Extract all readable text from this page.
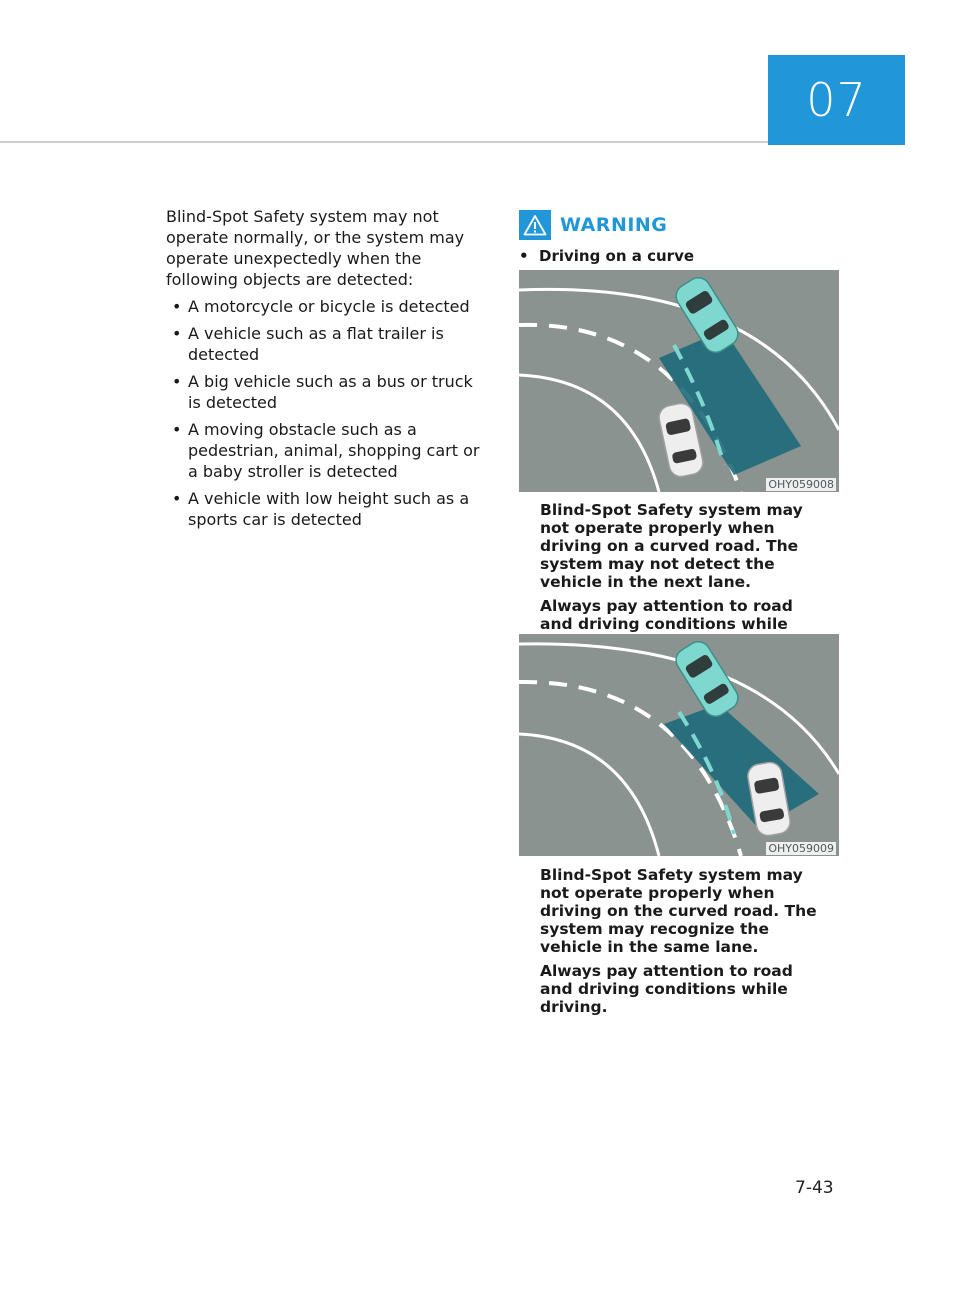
07

Blind-Spot Safety system may not operate normally, or the system may operate unexpectedly when the following objects are detected:

• A motorcycle or bicycle is detected
• A vehicle such as a flat trailer is detected
• A big vehicle such as a bus or truck is detected
• A moving obstacle such as a pedestrian, animal, shopping cart or a baby stroller is detected
• A vehicle with low height such as a sports car is detected
WARNING
• Driving on a curve
OHY059008

Blind-Spot Safety system may not operate properly when driving on a curved road. The system may not detect the vehicle in the next lane.

Always pay attention to road and driving conditions while

OHY059009

Blind-Spot Safety system may not operate properly when driving on the curved road. The system may recognize the vehicle in the same lane.

Always pay attention to road and driving conditions while driving.

7-43
